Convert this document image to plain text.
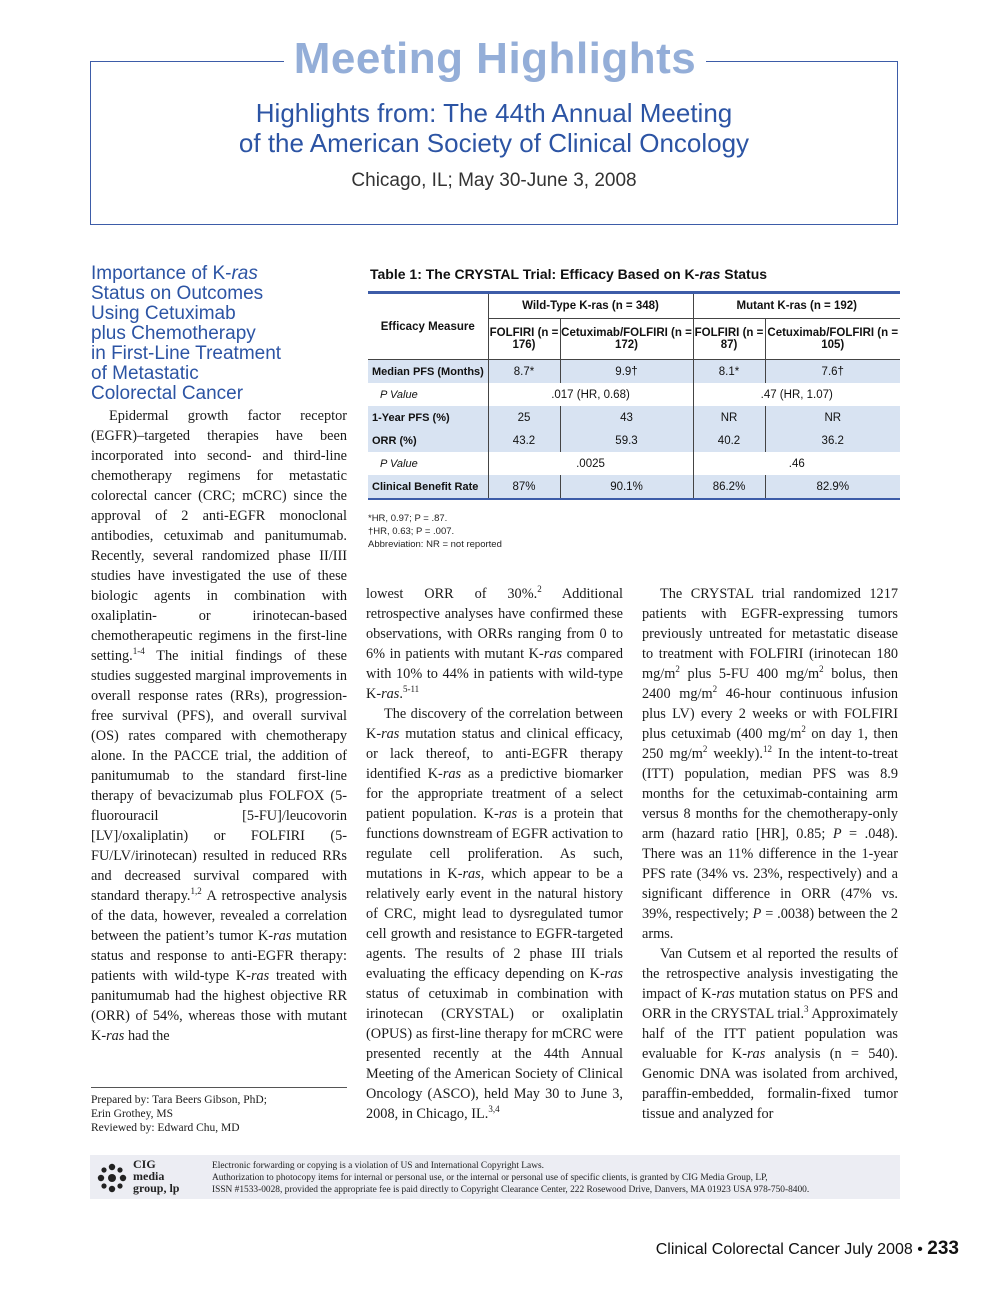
Meeting Highlights
Highlights from: The 44th Annual Meeting
of the American Society of Clinical Oncology
Chicago, IL; May 30-June 3, 2008
Importance of K-ras
Status on Outcomes
Using Cetuximab
plus Chemotherapy
in First-Line Treatment
of Metastatic
Colorectal Cancer

Epidermal growth factor receptor (EGFR)–targeted therapies have been incorporated into second- and third-line chemotherapy regimens for metastatic colorectal cancer (CRC; mCRC) since the approval of 2 anti-EGFR monoclonal antibodies, cetuximab and panitumumab. Recently, several randomized phase II/III studies have investigated the use of these biologic agents in combination with oxaliplatin- or irinotecan-based chemotherapeutic regimens in the first-line setting.$^{1-4}$ The initial findings of these studies suggested marginal improvements in overall response rates (RRs), progression-free survival (PFS), and overall survival (OS) rates compared with chemotherapy alone. In the PACCE trial, the addition of panitumumab to the standard first-line therapy of bevacizumab plus FOLFOX (5-fluorouracil [5-FU]/leucovorin [LV]/oxaliplatin) or FOLFIRI (5-FU/LV/irinotecan) resulted in reduced RRs and decreased survival compared with standard therapy.$^{1,2}$ A retrospective analysis of the data, however, revealed a correlation between the patient’s tumor K-ras mutation status and response to anti-EGFR therapy: patients with wild-type K-ras treated with panitumumab had the highest objective RR (ORR) of 54%, whereas those with mutant K-ras had the

Prepared by: Tara Beers Gibson, PhD;
Erin Grothey, MS
Reviewed by: Edward Chu, MD
Table 1: The CRYSTAL Trial: Efficacy Based on K-ras Status
Efficacy Measure	Wild-Type K-ras (n = 348)		Mutant K-ras (n = 192)	
	FOLFIRI (n = 176)	Cetuximab/FOLFIRI (n = 172)	FOLFIRI (n = 87)	Cetuximab/FOLFIRI (n = 105)
Median PFS (Months)	8.7*	9.9†	8.1*	7.6†
P Value	.017 (HR, 0.68)		.47 (HR, 1.07)	
1-Year PFS (%)	25	43	NR	NR
ORR (%)	43.2	59.3	40.2	36.2
P Value	.0025		.46	
Clinical Benefit Rate	87%	90.1%	86.2%	82.9%
*HR, 0.97; P = .87.
†HR, 0.63; P = .007.
Abbreviation: NR = not reported

lowest ORR of 30%.$^2$ Additional retrospective analyses have confirmed these observations, with ORRs ranging from 0 to 6% in patients with mutant K-ras compared with 10% to 44% in patients with wild-type K-ras.$^{5-11}$

The discovery of the correlation between K-ras mutation status and clinical efficacy, or lack thereof, to anti-EGFR therapy identified K-ras as a predictive biomarker for the appropriate treatment of a select patient population. K-ras is a protein that functions downstream of EGFR activation to regulate cell proliferation. As such, mutations in K-ras, which appear to be a relatively early event in the natural history of CRC, might lead to dysregulated tumor cell growth and resistance to EGFR-targeted agents. The results of 2 phase III trials evaluating the efficacy depending on K-ras status of cetuximab in combination with irinotecan (CRYSTAL) or oxaliplatin (OPUS) as first-line therapy for mCRC were presented recently at the 44th Annual Meeting of the American Society of Clinical Oncology (ASCO), held May 30 to June 3, 2008, in Chicago, IL.$^{3,4}$

The CRYSTAL trial randomized 1217 patients with EGFR-expressing tumors previously untreated for metastatic disease to treatment with FOLFIRI (irinotecan 180 $mg/m^2$ plus 5-FU 400 $mg/m^2$ bolus, then 2400 $mg/m^2$ 46-hour continuous infusion plus LV) every 2 weeks or with FOLFIRI plus cetuximab (400 $mg/m^2$ on day 1, then 250 $mg/m^2$ weekly).$^{12}$ In the intent-to-treat (ITT) population, median PFS was 8.9 months for the cetuximab-containing arm versus 8 months for the chemotherapy-only arm (hazard ratio [HR], 0.85; P = .048). There was an 11% difference in the 1-year PFS rate (34% vs. 23%, respectively) and a significant difference in ORR (47% vs. 39%, respectively; P = .0038) between the 2 arms.

Van Cutsem et al reported the results of the retrospective analysis investigating the impact of K-ras mutation status on PFS and ORR in the CRYSTAL trial.$^3$ Approximately half of the ITT patient population was evaluable for K-ras analysis (n = 540). Genomic DNA was isolated from archived, paraffin-embedded, formalin-fixed tumor tissue and analyzed for

CIG
media
group, lp
Electronic forwarding or copying is a violation of US and International Copyright Laws.
Authorization to photocopy items for internal or personal use, or the internal or personal use of specific clients, is granted by CIG Media Group, LP,
ISSN #1533-0028, provided the appropriate fee is paid directly to Copyright Clearance Center, 222 Rosewood Drive, Danvers, MA 01923 USA 978-750-8400.
Clinical Colorectal Cancer July 2008 • 233
